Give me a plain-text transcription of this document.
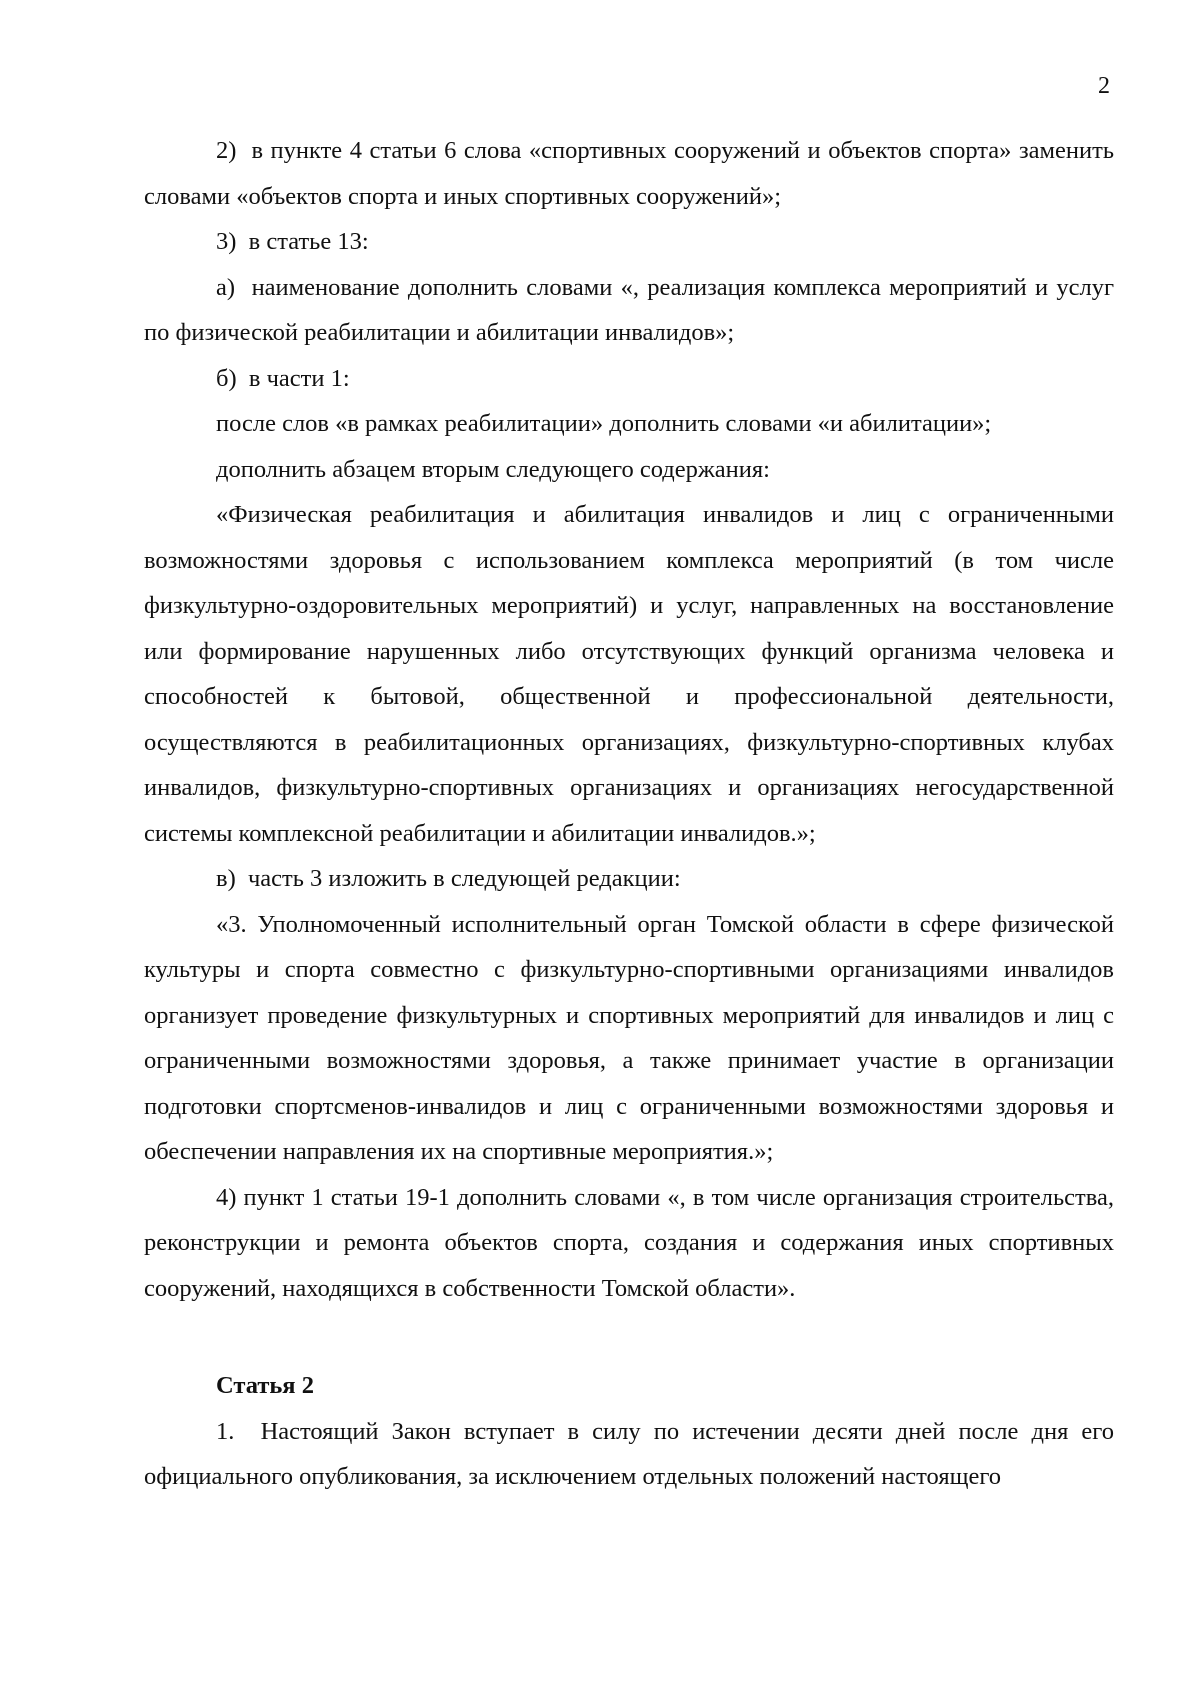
2

2)  в пункте 4 статьи 6 слова «спортивных сооружений и объектов спорта» заменить словами «объектов спорта и иных спортивных сооружений»;

3)  в статье 13:

а)  наименование дополнить словами «, реализация комплекса мероприятий и услуг по физической реабилитации и абилитации инвалидов»;

б)  в части 1:

после слов «в рамках реабилитации» дополнить словами «и абилитации»;

дополнить абзацем вторым следующего содержания:

«Физическая реабилитация и абилитация инвалидов и лиц с ограниченными возможностями здоровья с использованием комплекса мероприятий (в том числе физкультурно-оздоровительных мероприятий) и услуг, направленных на восстановление или формирование нарушенных либо отсутствующих функций организма человека и способностей к бытовой, общественной и профессиональной деятельности, осуществляются в реабилитационных организациях, физкультурно-спортивных клубах инвалидов, физкультурно-спортивных организациях и организациях негосударственной системы комплексной реабилитации и абилитации инвалидов.»;

в)  часть 3 изложить в следующей редакции:

«3. Уполномоченный исполнительный орган Томской области в сфере физической культуры и спорта совместно с физкультурно-спортивными организациями инвалидов организует проведение физкультурных и спортивных мероприятий для инвалидов и лиц с ограниченными возможностями здоровья, а также принимает участие в организации подготовки спортсменов-инвалидов и лиц с ограниченными возможностями здоровья и обеспечении направления их на спортивные мероприятия.»;

4) пункт 1 статьи 19-1 дополнить словами «, в том числе организация строительства, реконструкции и ремонта объектов спорта, создания и содержания иных спортивных сооружений, находящихся в собственности Томской области».

Статья 2

1.  Настоящий Закон вступает в силу по истечении десяти дней после дня его официального опубликования, за исключением отдельных положений настоящего
